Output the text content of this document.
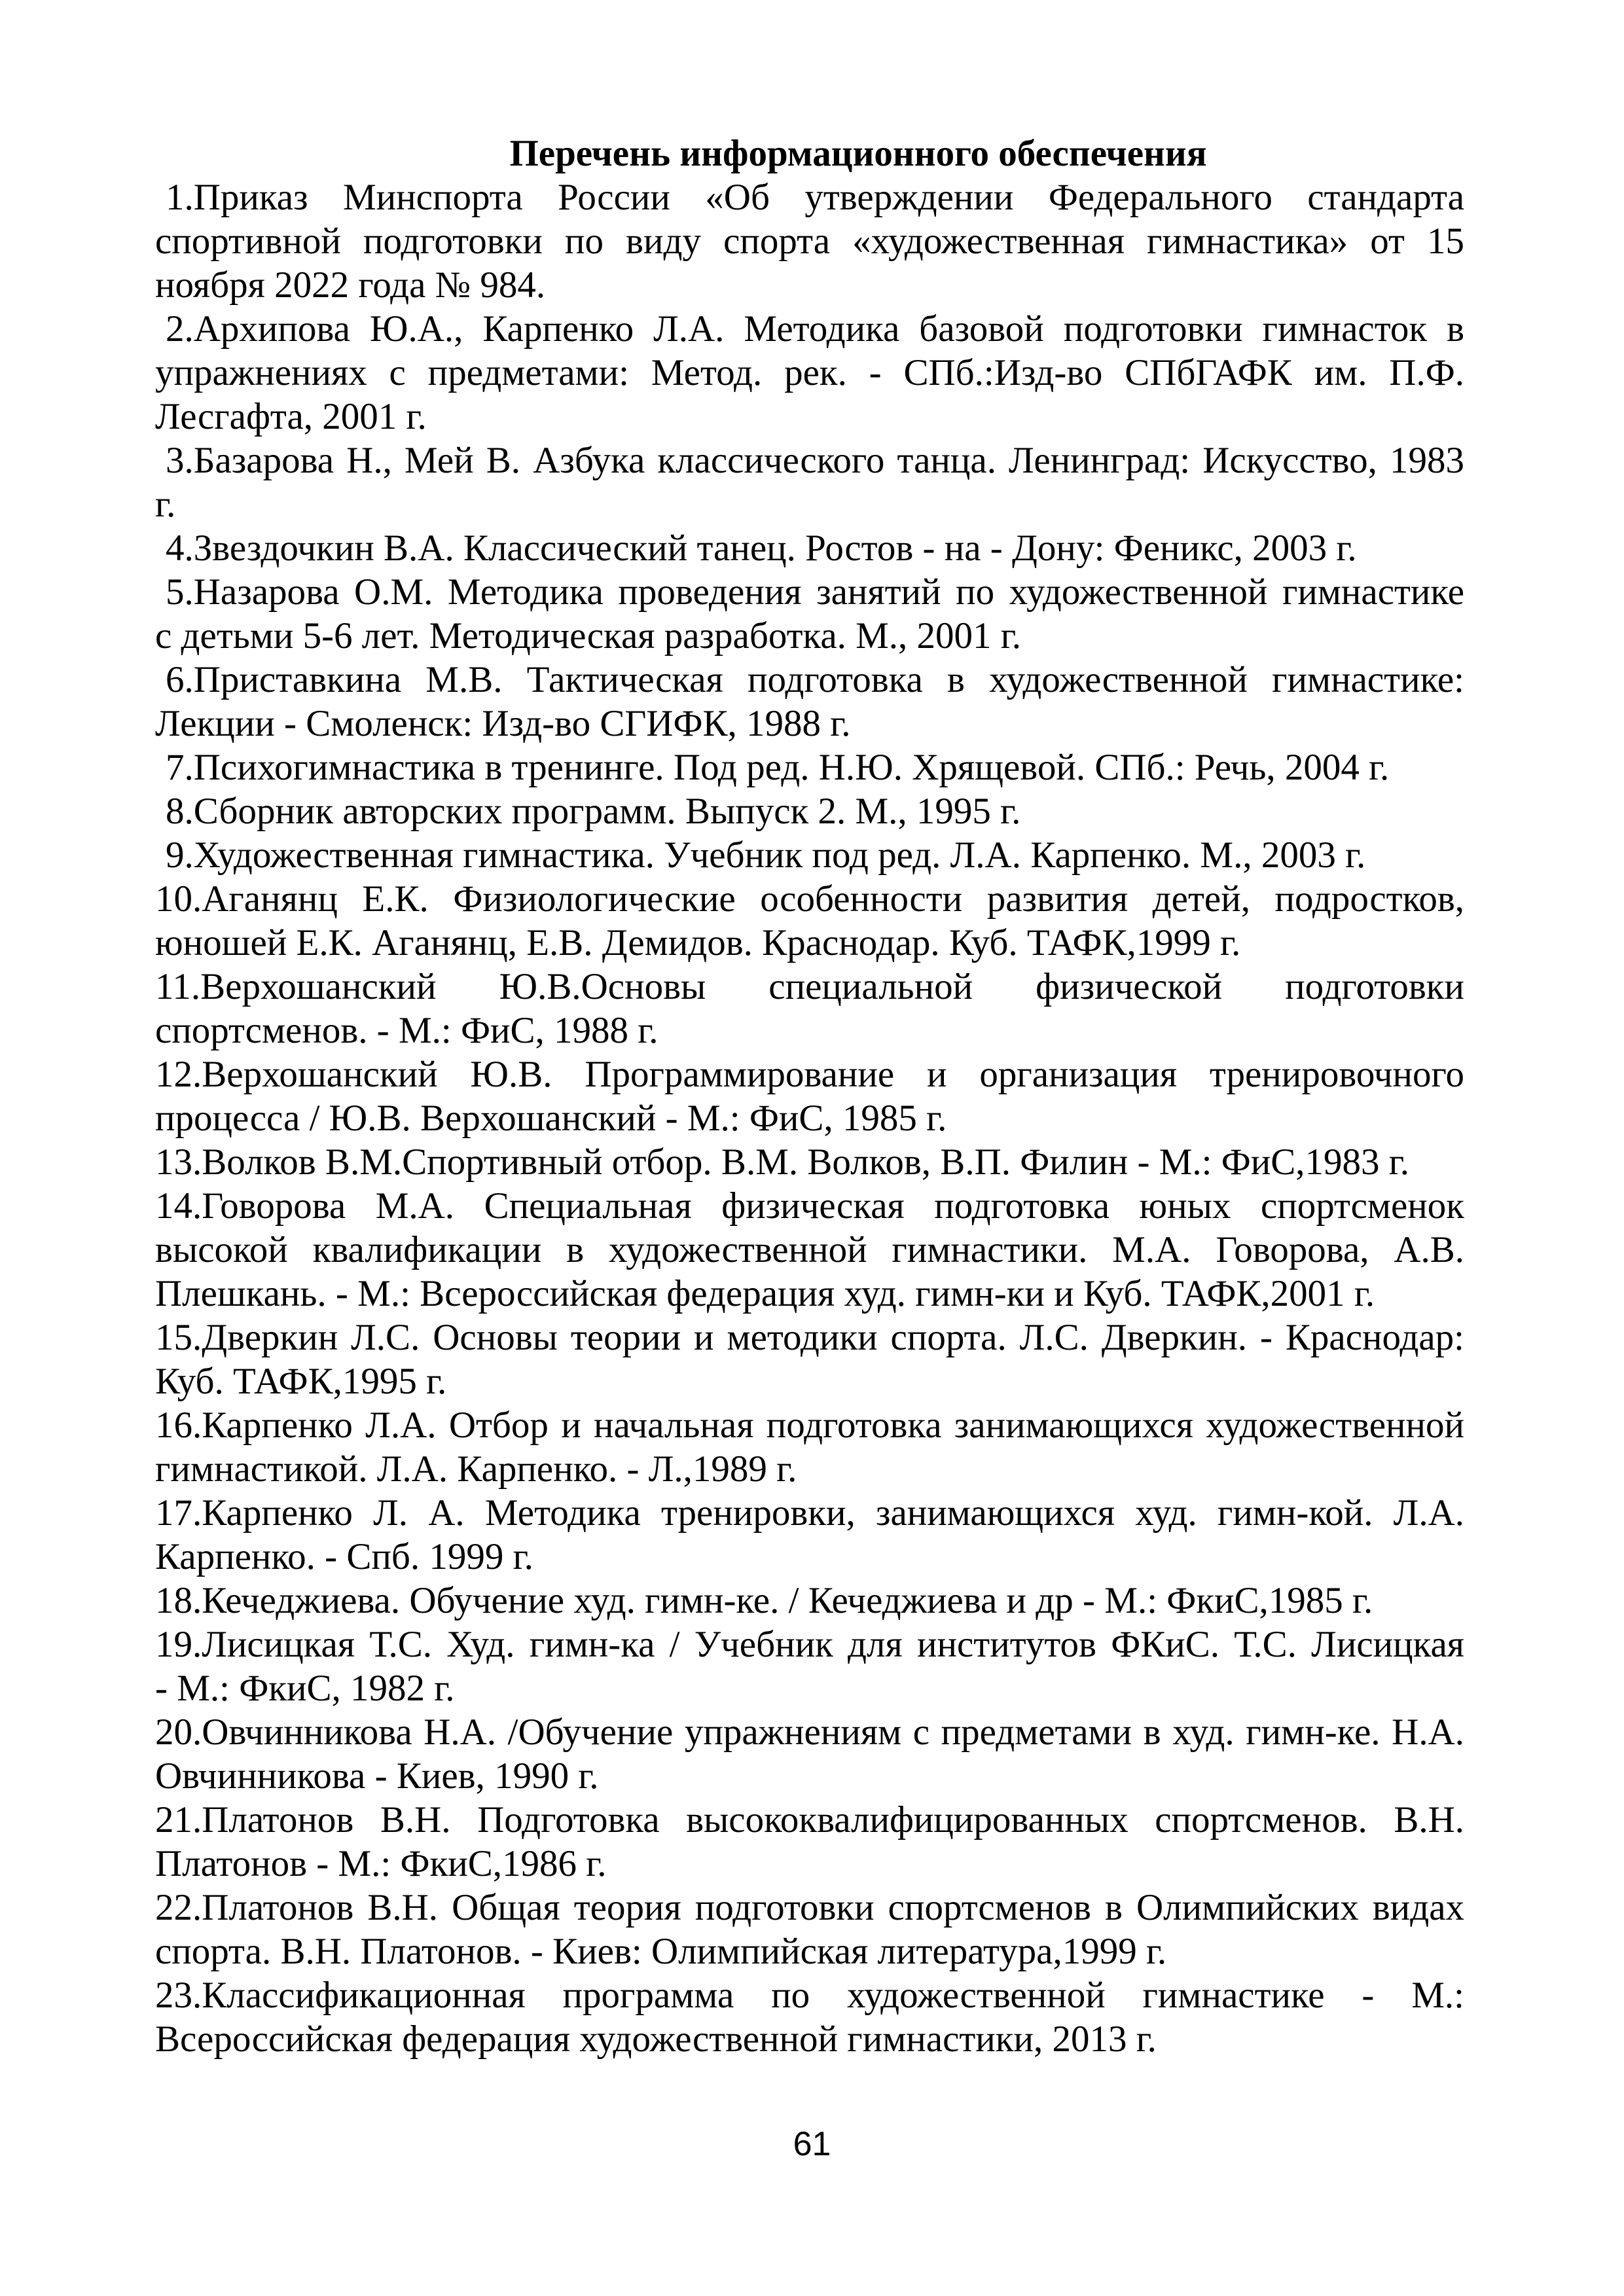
Перечень информационного обеспечения
1.Приказ Минспорта России «Об утверждении Федерального стандарта
спортивной подготовки по виду спорта «художественная гимнастика» от 15
ноября 2022 года № 984.
2.Архипова Ю.А., Карпенко Л.А. Методика базовой подготовки гимнасток в
упражнениях с предметами: Метод. рек. - СПб.:Изд-во СПбГАФК им. П.Ф.
Лесгафта, 2001 г.
3.Базарова Н., Мей В. Азбука классического танца. Ленинград: Искусство, 1983
г.
4.Звездочкин В.А. Классический танец. Ростов - на - Дону: Феникс, 2003 г.
5.Назарова О.М. Методика проведения занятий по художественной гимнастике
с детьми 5-6 лет. Методическая разработка. М., 2001 г.
6.Приставкина М.В. Тактическая подготовка в художественной гимнастике:
Лекции - Смоленск: Изд-во СГИФК, 1988 г.
7.Психогимнастика в тренинге. Под ред. Н.Ю. Хрящевой. СПб.: Речь, 2004 г.
8.Сборник авторских программ. Выпуск 2. М., 1995 г.
9.Художественная гимнастика. Учебник под ред. Л.А. Карпенко. М., 2003 г.
10.Аганянц Е.К. Физиологические особенности развития детей, подростков,
юношей Е.К. Аганянц, Е.В. Демидов. Краснодар. Куб. ТАФК,1999 г.
11.Верхошанский Ю.В.Основы специальной физической подготовки
спортсменов. - М.: ФиС, 1988 г.
12.Верхошанский Ю.В. Программирование и организация тренировочного
процесса / Ю.В. Верхошанский - М.: ФиС, 1985 г.
13.Волков В.М.Спортивный отбор. В.М. Волков, В.П. Филин - М.: ФиС,1983 г.
14.Говорова М.А. Специальная физическая подготовка юных спортсменок
высокой квалификации в художественной гимнастики. М.А. Говорова, А.В.
Плешкань. - М.: Всероссийская федерация худ. гимн-ки и Куб. ТАФК,2001 г.
15.Дверкин Л.С. Основы теории и методики спорта. Л.С. Дверкин. - Краснодар:
Куб. ТАФК,1995 г.
16.Карпенко Л.А. Отбор и начальная подготовка занимающихся художественной
гимнастикой. Л.А. Карпенко. - Л.,1989 г.
17.Карпенко Л. А. Методика тренировки, занимающихся худ. гимн-кой. Л.А.
Карпенко. - Спб. 1999 г.
18.Кечеджиева. Обучение худ. гимн-ке. / Кечеджиева и др - М.: ФкиС,1985 г.
19.Лисицкая Т.С. Худ. гимн-ка / Учебник для институтов ФКиС. Т.С. Лисицкая
- М.: ФкиС, 1982 г.
20.Овчинникова Н.А. /Обучение упражнениям с предметами в худ. гимн-ке. Н.А.
Овчинникова - Киев, 1990 г.
21.Платонов В.Н. Подготовка высококвалифицированных спортсменов. В.Н.
Платонов - М.: ФкиС,1986 г.
22.Платонов В.Н. Общая теория подготовки спортсменов в Олимпийских видах
спорта. В.Н. Платонов. - Киев: Олимпийская литература,1999 г.
23.Классификационная программа по художественной гимнастике - М.:
Всероссийская федерация художественной гимнастики, 2013 г.
61
